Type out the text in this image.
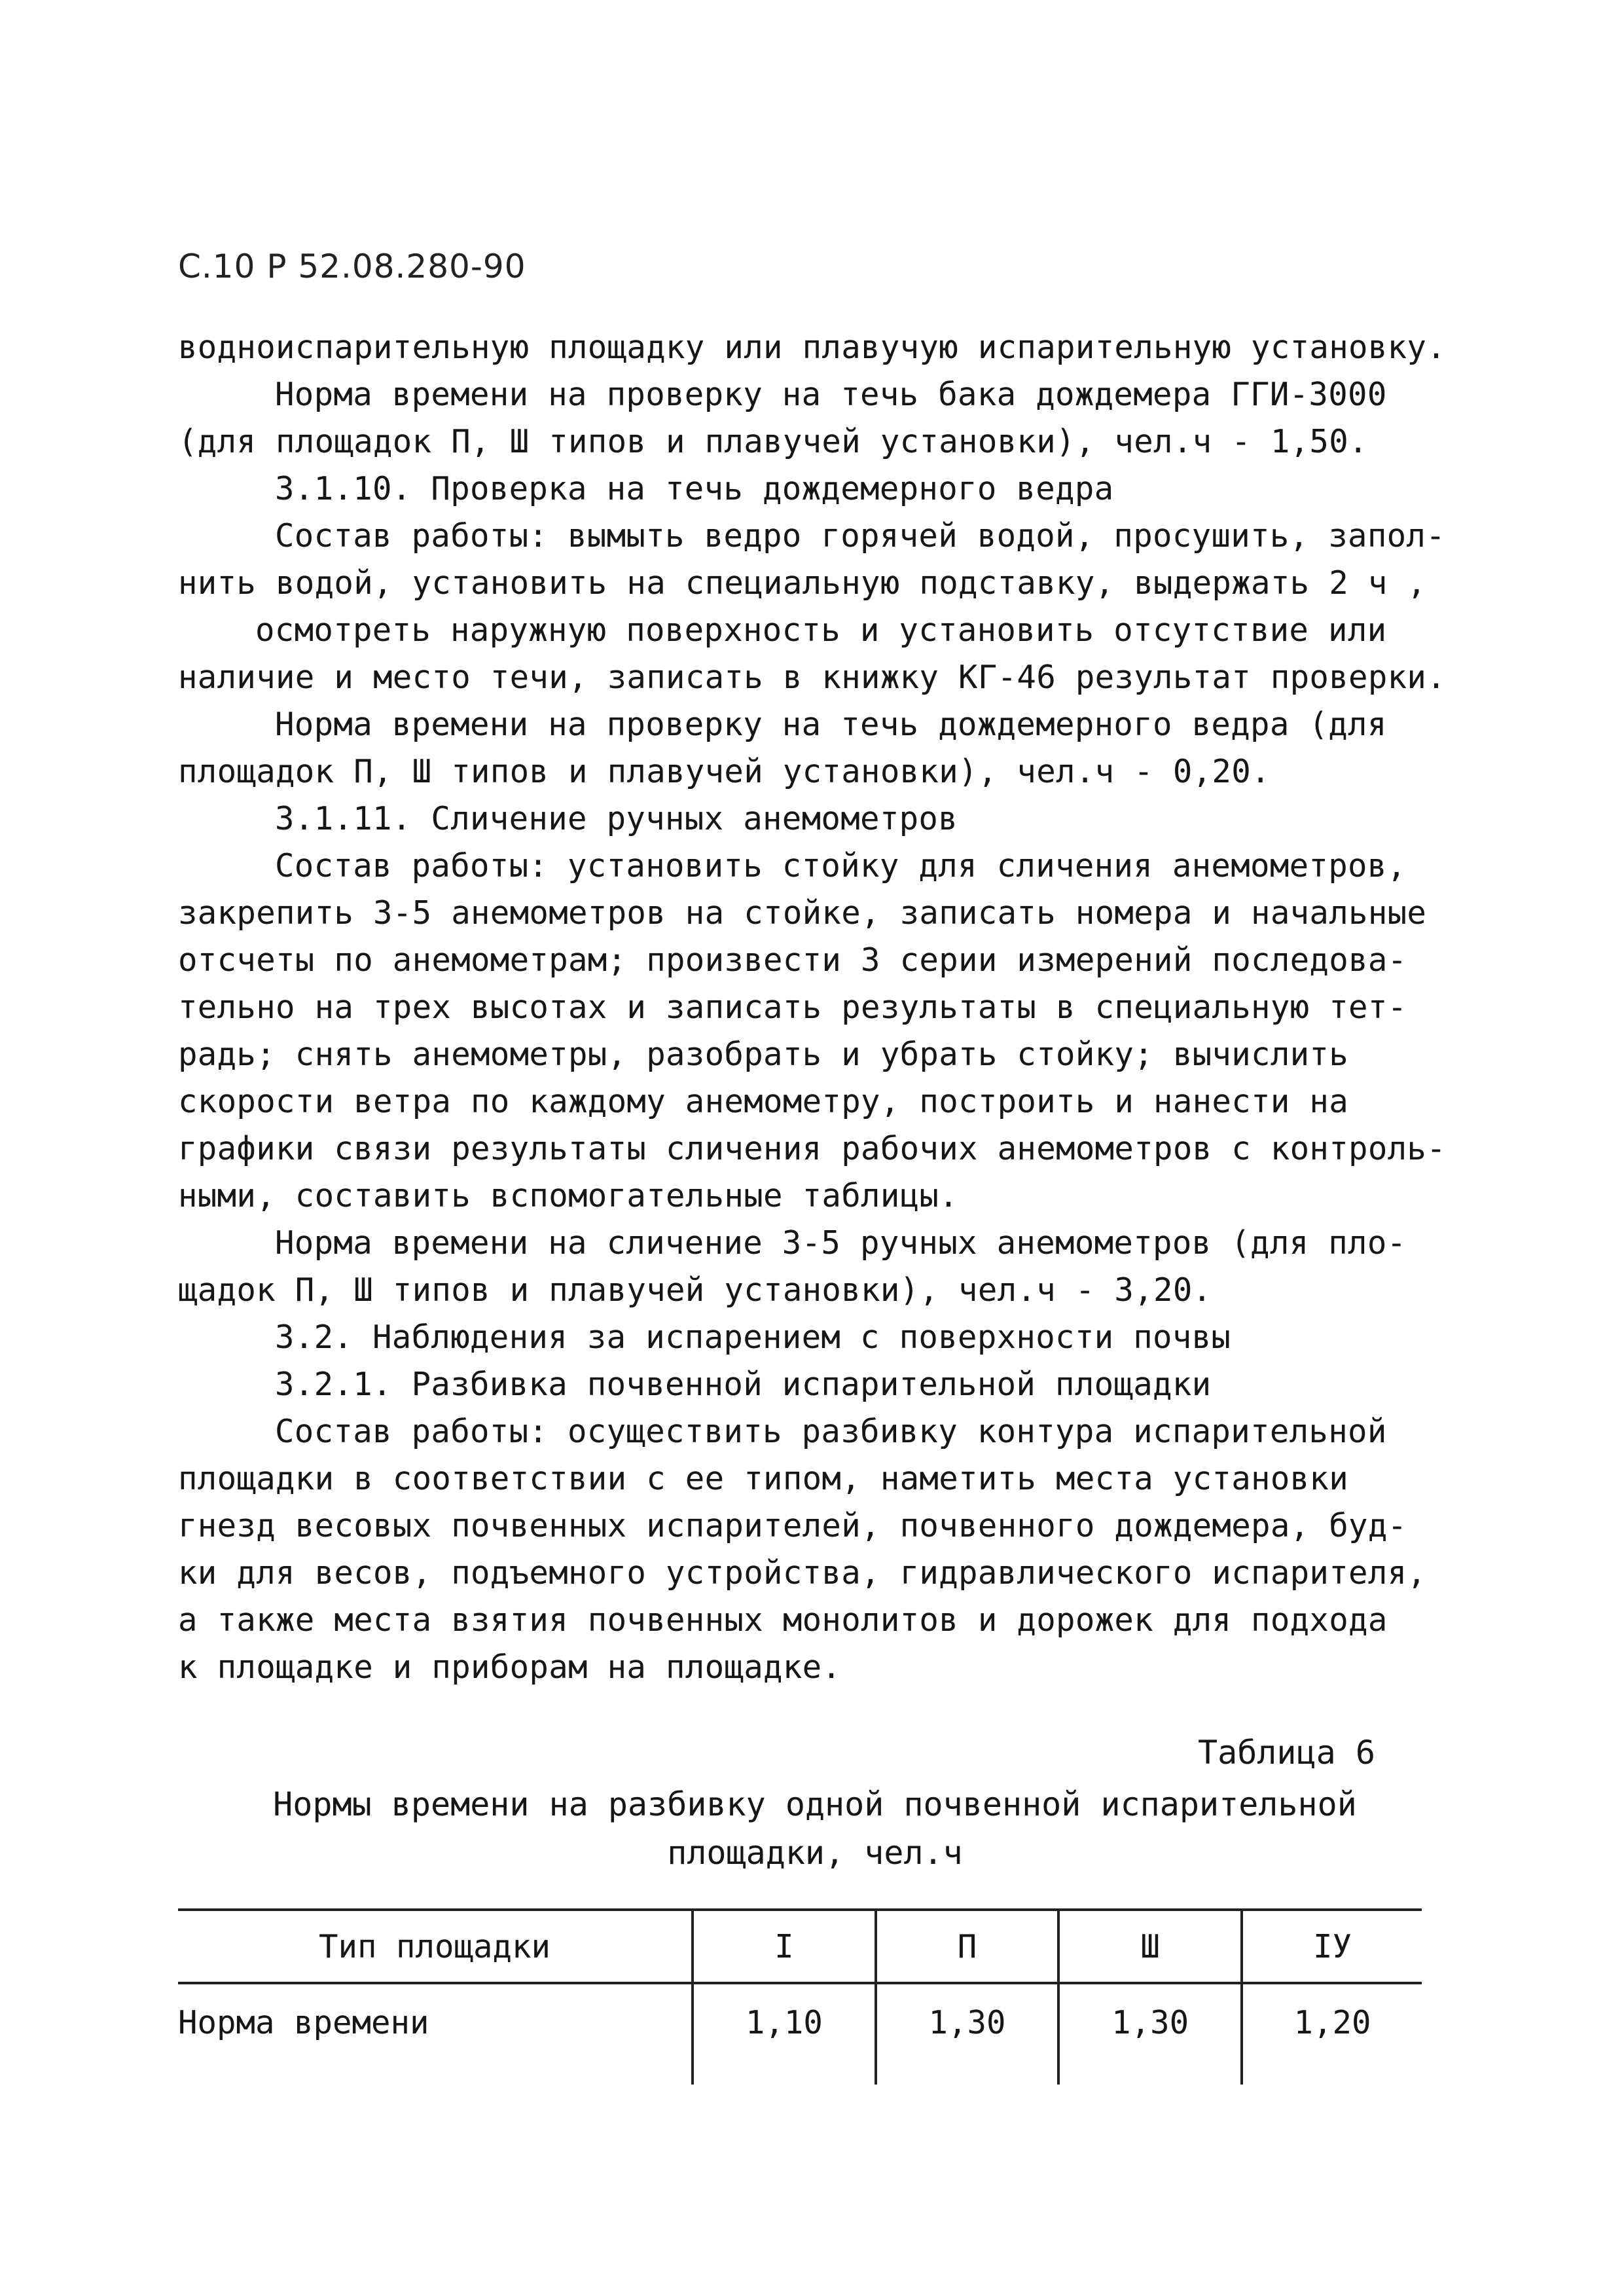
С.10 Р 52.08.280-90
водноиспарительную площадку или плавучую испарительную установку.
Норма времени на проверку на течь бака дождемера ГГИ-3000
(для площадок П, Ш типов и плавучей установки), чел.ч - 1,50.
3.1.10. Проверка на течь дождемерного ведра
Состав работы: вымыть ведро горячей водой, просушить, запол-
нить водой, установить на специальную подставку, выдержать 2 ч ,
осмотреть наружную поверхность и установить отсутствие или
наличие и место течи, записать в книжку КГ-46 результат проверки.
Норма времени на проверку на течь дождемерного ведра (для
площадок П, Ш типов и плавучей установки), чел.ч - 0,20.
3.1.11. Сличение ручных анемометров
Состав работы: установить стойку для сличения анемометров,
закрепить 3-5 анемометров на стойке, записать номера и начальные
отсчеты по анемометрам; произвести 3 серии измерений последова-
тельно на трех высотах и записать результаты в специальную тет-
радь; снять анемометры, разобрать и убрать стойку; вычислить
скорости ветра по каждому анемометру, построить и нанести на
графики связи результаты сличения рабочих анемометров с контроль-
ными, составить вспомогательные таблицы.
Норма времени на сличение 3-5 ручных анемометров (для пло-
щадок П, Ш типов и плавучей установки), чел.ч - 3,20.
3.2. Наблюдения за испарением с поверхности почвы
3.2.1. Разбивка почвенной испарительной площадки
Состав работы: осуществить разбивку контура испарительной
площадки в соответствии с ее типом, наметить места установки
гнезд весовых почвенных испарителей, почвенного дождемера, буд-
ки для весов, подъемного устройства, гидравлического испарителя,
а также места взятия почвенных монолитов и дорожек для подхода
к площадке и приборам на площадке.
Таблица 6
Нормы времени на разбивку одной почвенной испарительной
площадки, чел.ч
Тип площадки	I	П	Ш	IУ
Норма времени	1,10	1,30	1,30	1,20
